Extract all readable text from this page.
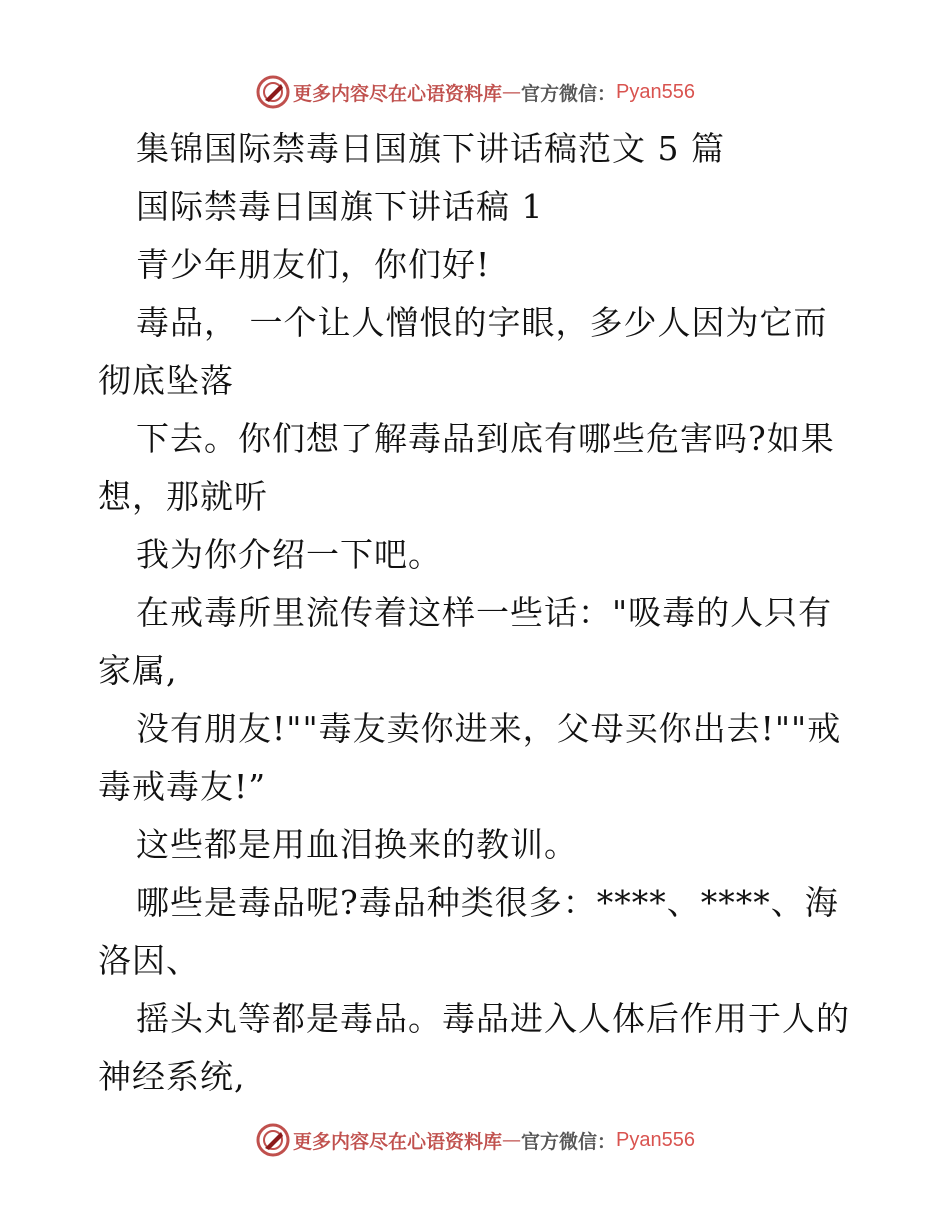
更多内容尽在心语资料库 — 官方微信： Pyan556
集锦国际禁毒日国旗下讲话稿范文 5 篇
国际禁毒日国旗下讲话稿 1
青少年朋友们，你们好!
毒品， 一个让人憎恨的字眼，多少人因为它而
彻底坠落
下去。你们想了解毒品到底有哪些危害吗?如果
想，那就听
我为你介绍一下吧。
在戒毒所里流传着这样一些话："吸毒的人只有
家属,
没有朋友!""毒友卖你进来，父母买你出去!""戒
毒戒毒友!”
这些都是用血泪换来的教训。
哪些是毒品呢?毒品种类很多：****、****、海
洛因、
摇头丸等都是毒品。毒品进入人体后作用于人的
神经系统,
更多内容尽在心语资料库 — 官方微信： Pyan556
